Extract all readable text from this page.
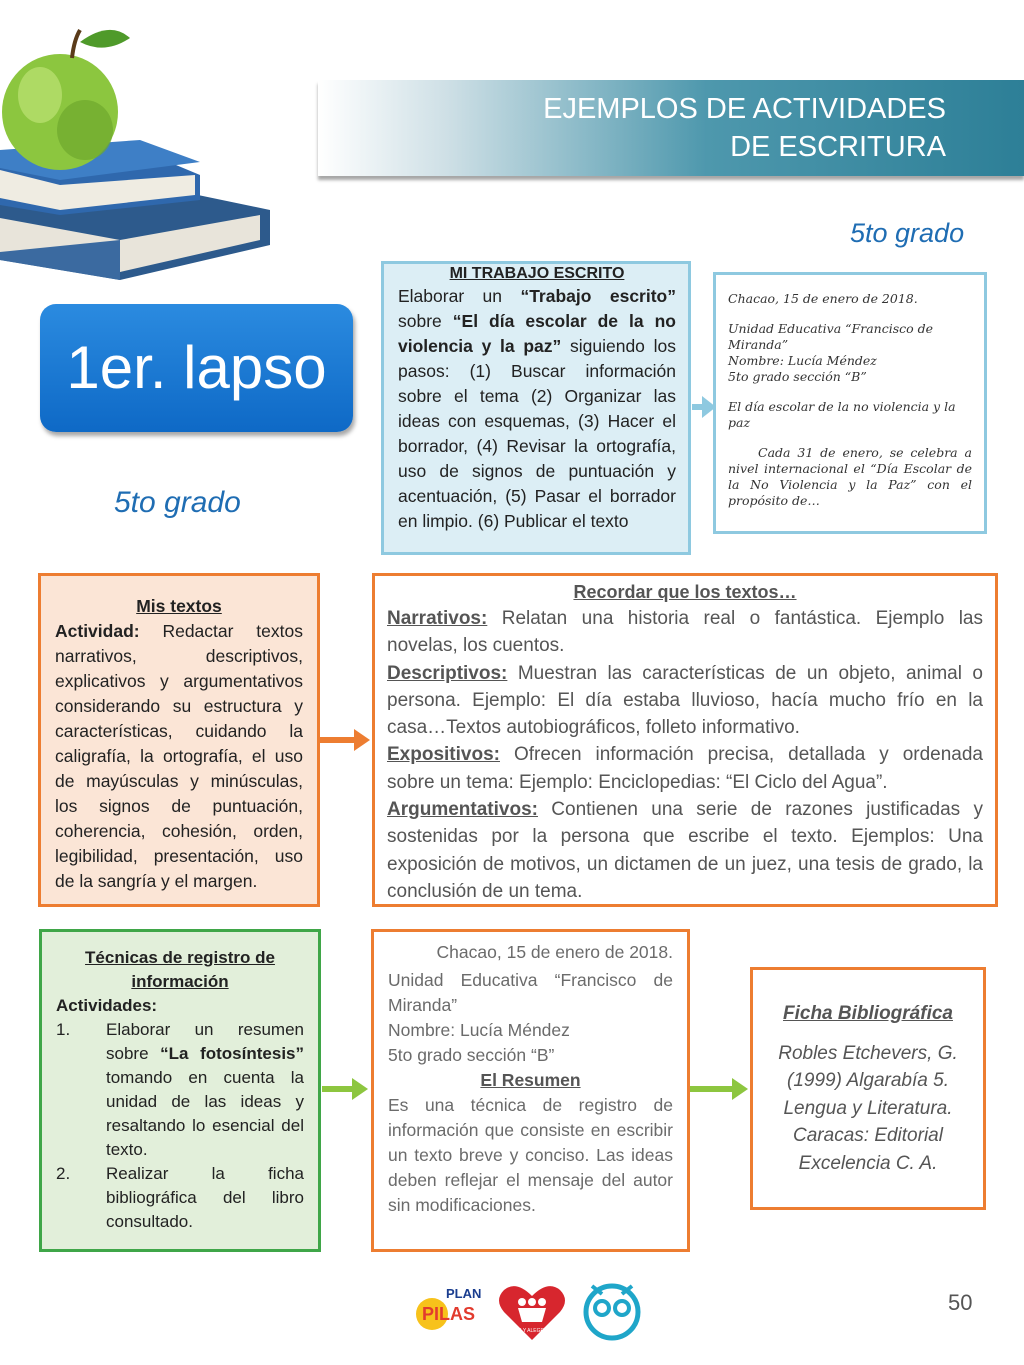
EJEMPLOS DE ACTIVIDADES
DE ESCRITURA
5to grado
1er. lapso
5to grado
MI TRABAJO ESCRITO
Elaborar un “Trabajo escrito” sobre “El día escolar de la no violencia y la paz” siguiendo los pasos: (1) Buscar información sobre el tema (2) Organizar las ideas con esquemas, (3) Hacer el borrador, (4) Revisar la ortografía, uso de signos de puntuación y acentuación, (5) Pasar el borrador en limpio. (6) Publicar el texto

Chacao, 15 de enero de 2018.

Unidad Educativa “Francisco de Miranda”
Nombre: Lucía Méndez

5to grado sección “B”

El día escolar de la no violencia y la paz

Cada 31 de enero, se celebra a nivel internacional el “Día Escolar de la No Violencia y la Paz” con el propósito de…
Mis textos
Actividad: Redactar textos narrativos, descriptivos, explicativos y argumentativos considerando su estructura y características, cuidando la caligrafía, la ortografía, el uso de mayúsculas y minúsculas, los signos de puntuación, coherencia, cohesión, orden, legibilidad, presentación, uso de la sangría y el margen.
Recordar que los textos…
Narrativos: Relatan una historia real o fantástica. Ejemplo las novelas, los cuentos.
Descriptivos: Muestran las características de un objeto, animal o persona. Ejemplo: El día estaba lluvioso, hacía mucho frío en la casa…Textos autobiográficos, folleto informativo.
Expositivos: Ofrecen información precisa, detallada y ordenada sobre un tema: Ejemplo: Enciclopedias: “El Ciclo del Agua”.
Argumentativos: Contienen una serie de razones justificadas y sostenidas por la persona que escribe el texto. Ejemplos: Una exposición de motivos, un dictamen de un juez, una tesis de grado, la conclusión de un tema.
Técnicas de registro de información
Actividades:
1.	Elaborar un resumen sobre “La fotosíntesis” tomando en cuenta la unidad de las ideas y resaltando lo esencial del texto.
2.	Realizar la ficha bibliográfica del libro consultado.
Chacao, 15 de enero de 2018.
Unidad Educativa “Francisco de Miranda”
Nombre: Lucía Méndez
5to grado sección “B”
El Resumen
Es una técnica de registro de información que consiste en escribir un texto breve y conciso. Las ideas deben reflejar el mensaje del autor sin modificaciones.
Ficha Bibliográfica
Robles Etchevers, G. (1999) Algarabía 5. Lengua y Literatura. Caracas: Editorial Excelencia C. A.
PLAN
PILAS
FE Y ALEGRÍA
50
